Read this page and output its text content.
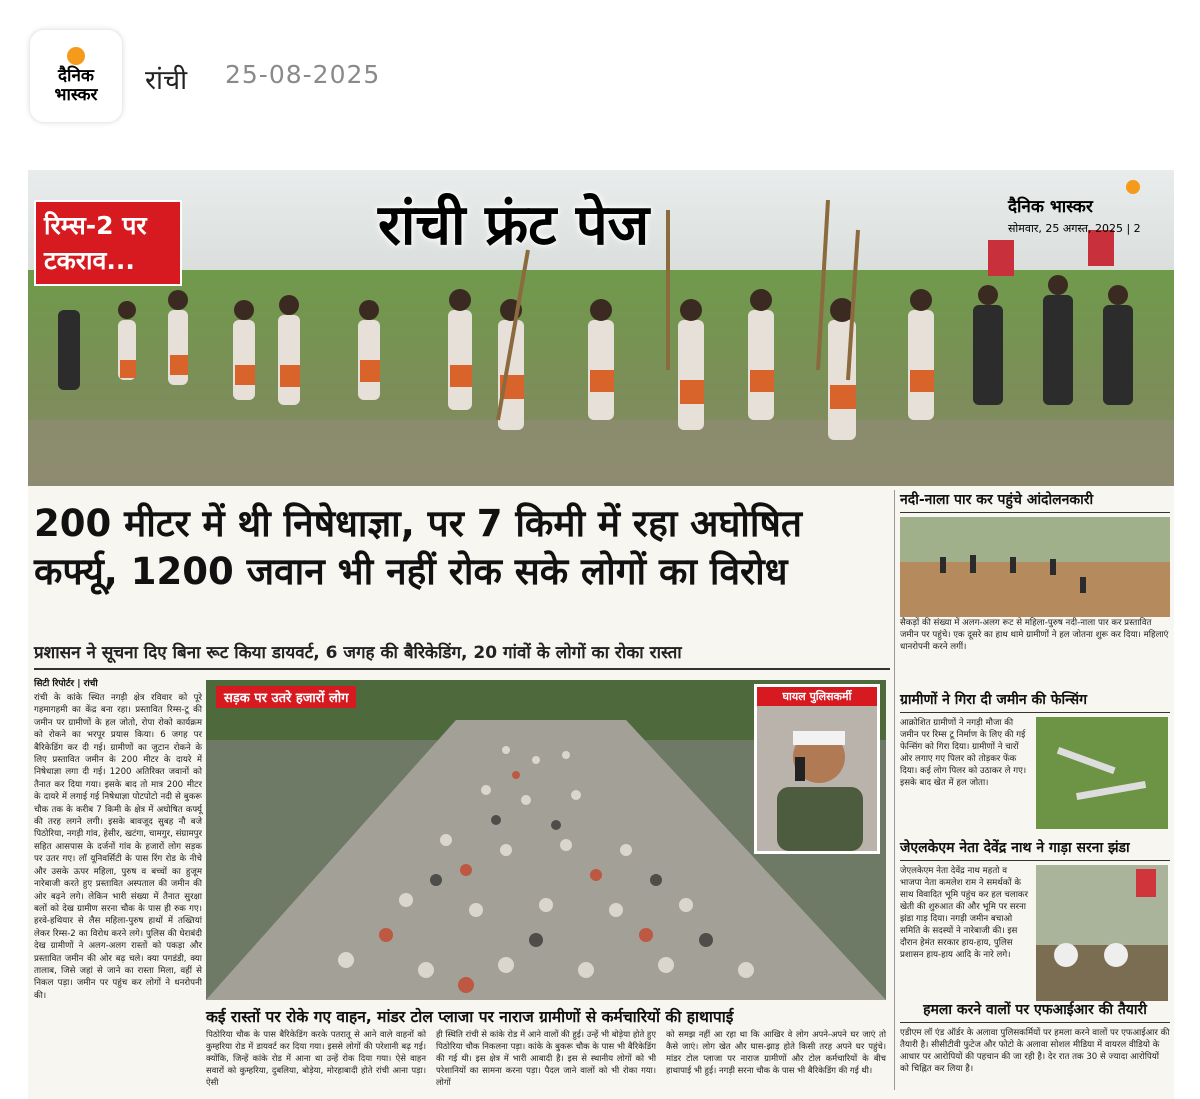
दैनिक
भास्कर रांची 25-08-2025
रिम्स-2 पर टकराव...
रांची फ्रंट पेज	दैनिक भास्कर
सोमवार, 25 अगस्त, 2025 | 2
200 मीटर में थी निषेधाज्ञा, पर 7 किमी में रहा अघोषित कर्फ्यू, 1200 जवान भी नहीं रोक सके लोगों का विरोध
प्रशासन ने सूचना दिए बिना रूट किया डायवर्ट, 6 जगह की बैरिकेडिंग, 20 गांवों के लोगों का रोका रास्ता
सिटी रिपोर्टर | रांची
रांची के कांके स्थित नगड़ी क्षेत्र रविवार को पूरे गहमागहमी का केंद्र बना रहा। प्रस्तावित रिम्स-टू की जमीन पर ग्रामीणों के हल जोतो, रोपा रोको कार्यक्रम को रोकने का भरपूर प्रयास किया। 6 जगह पर बैरिकेडिंग कर दी गई। ग्रामीणों का जुटान रोकने के लिए प्रस्तावित जमीन के 200 मीटर के दायरे में निषेधाज्ञा लगा दी गई। 1200 अतिरिक्त जवानों को तैनात कर दिया गया। इसके बाद तो मात्र 200 मीटर के दायरे में लगाई गई निषेधाज्ञा पोटपोटो नदी से बुकरू चौक तक के करीब 7 किमी के क्षेत्र में अघोषित कर्फ्यू की तरह लगने लगी। इसके बावजूद सुबह नौ बजे पिठोरिया, नगड़ी गांव, हेसीर, खटंगा, चामगुर, संग्रामपुर सहित आसपास के दर्जनों गांव के हजारों लोग सड़क पर उतर गए। लॉ यूनिवर्सिटी के पास रिंग रोड के नीचे और उसके ऊपर महिला, पुरुष व बच्चों का हुजूम नारेबाजी करते हुए प्रस्तावित अस्पताल की जमीन की ओर बढ़ने लगे। लेकिन भारी संख्या में तैनात सुरक्षा बलों को देख ग्रामीण सरना चौक के पास ही रुक गए। हरवे-हथियार से लैस महिला-पुरुष हाथों में तख्तियां लेकर रिम्स-2 का विरोध करने लगे। पुलिस की घेराबंदी देख ग्रामीणों ने अलग-अलग रास्तों को पकड़ा और प्रस्तावित जमीन की ओर बढ़ चले। क्या पगडंडी, क्या तालाब, जिसे जहां से जाने का रास्ता मिला, वहीं से निकल पड़ा। जमीन पर पहुंच कर लोगों ने धनरोपनी की।
सड़क पर उतरे हजारों लोग	घायल पुलिसकर्मी
कई रास्तों पर रोके गए वाहन, मांडर टोल प्लाजा पर नाराज ग्रामीणों से कर्मचारियों की हाथापाई
पिठोरिया चौक के पास बैरिकेडिंग करके पतरातू से आने वाले वाहनों को कुम्हरिया रोड में डायवर्ट कर दिया गया। इससे लोगों की परेशानी बढ़ गई। क्योंकि, जिन्हें कांके रोड में आना था उन्हें रोक दिया गया। ऐसे वाहन सवारों को कुम्हरिया, दुबलिया, बोड़ेया, मोरहाबादी होते रांची आना पड़ा। ऐसी
ही स्थिति रांची से कांके रोड में आने वालों की हुई। उन्हें भी बोड़ेया होते हुए पिठोरिया चौक निकलना पड़ा। कांके के बुकरू चौक के पास भी बैरिकेडिंग की गई थी। इस क्षेत्र में भारी आबादी है। इस से स्थानीय लोगों को भी परेशानियों का सामना करना पड़ा। पैदल जाने वालों को भी रोका गया। लोगों
को समझ नहीं आ रहा था कि आखिर वे लोग अपने-अपने घर जाएं तो कैसे जाएं। लोग खेत और घास-झाड़ होते किसी तरह अपने घर पहुंचे। मांडर टोल प्लाजा पर नाराज ग्रामीणों और टोल कर्मचारियों के बीच हाथापाई भी हुई। नगड़ी सरना चौक के पास भी बैरिकेडिंग की गई थी।
नदी-नाला पार कर पहुंचे आंदोलनकारी
सैकड़ों की संख्या में अलग-अलग रूट से महिला-पुरुष नदी-नाला पार कर प्रस्तावित जमीन पर पहुंचे। एक दूसरे का हाथ थामे ग्रामीणों ने हल जोतना शुरू कर दिया। महिलाएं धानरोपनी करने लगीं।
ग्रामीणों ने गिरा दी जमीन की फेन्सिंग
आक्रोशित ग्रामीणों ने नगड़ी मौजा की जमीन पर रिम्स टू निर्माण के लिए की गई फेन्सिंग को गिरा दिया। ग्रामीणों ने चारों ओर लगाए गए पिलर को तोड़कर फेंक दिया। कई लोग पिलर को उठाकर ले गए। इसके बाद खेत में हल जोता।
जेएलकेएम नेता देवेंद्र नाथ ने गाड़ा सरना झंडा
जेएलकेएम नेता देवेंद्र नाथ महतो व भाजपा नेता कमलेश राम ने समर्थकों के साथ विवादित भूमि पहुंच कर हल चलाकर खेती की शुरुआत की और भूमि पर सरना झंडा गाड़ दिया। नगड़ी जमीन बचाओ समिति के सदस्यों ने नारेबाजी की। इस दौरान हेमंत सरकार हाय-हाय, पुलिस प्रशासन हाय-हाय आदि के नारे लगे।
हमला करने वालों पर एफआईआर की तैयारी
एडीएम लॉ एंड ऑर्डर के अलावा पुलिसकर्मियों पर हमला करने वालों पर एफआईआर की तैयारी है। सीसीटीवी फुटेज और फोटो के अलावा सोशल मीडिया में वायरल वीडियो के आधार पर आरोपियों की पहचान की जा रही है। देर रात तक 30 से ज्यादा आरोपियों को चिह्नित कर लिया है।
